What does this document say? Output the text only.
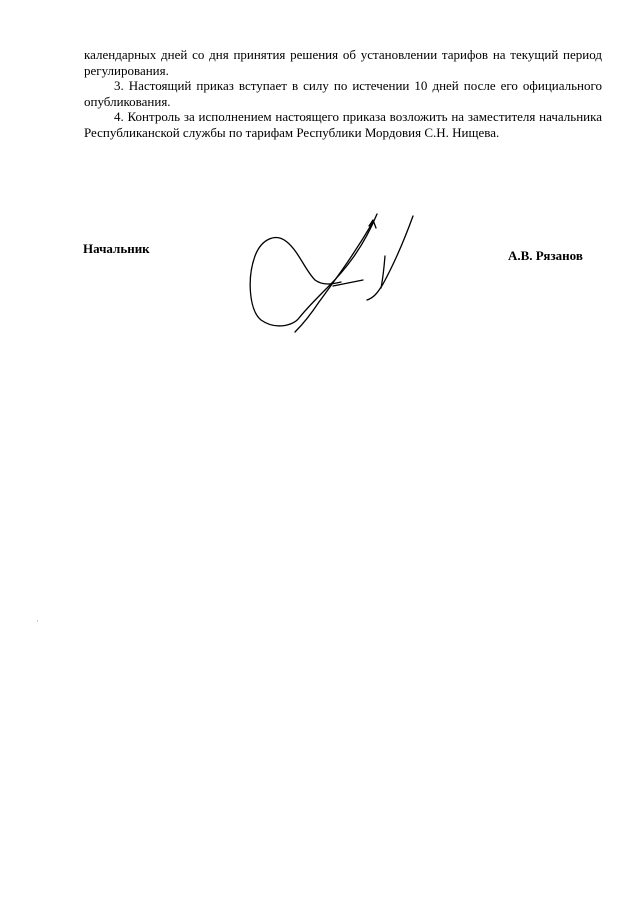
календарных дней со дня принятия решения об установлении тарифов на текущий период регулирования.

3. Настоящий приказ вступает в силу по истечении 10 дней после его официального опубликования.

4. Контроль за исполнением настоящего приказа возложить на заместителя начальника Республиканской службы по тарифам Республики Мордовия С.Н. Нищева.

Начальник	А.В. Рязанов
